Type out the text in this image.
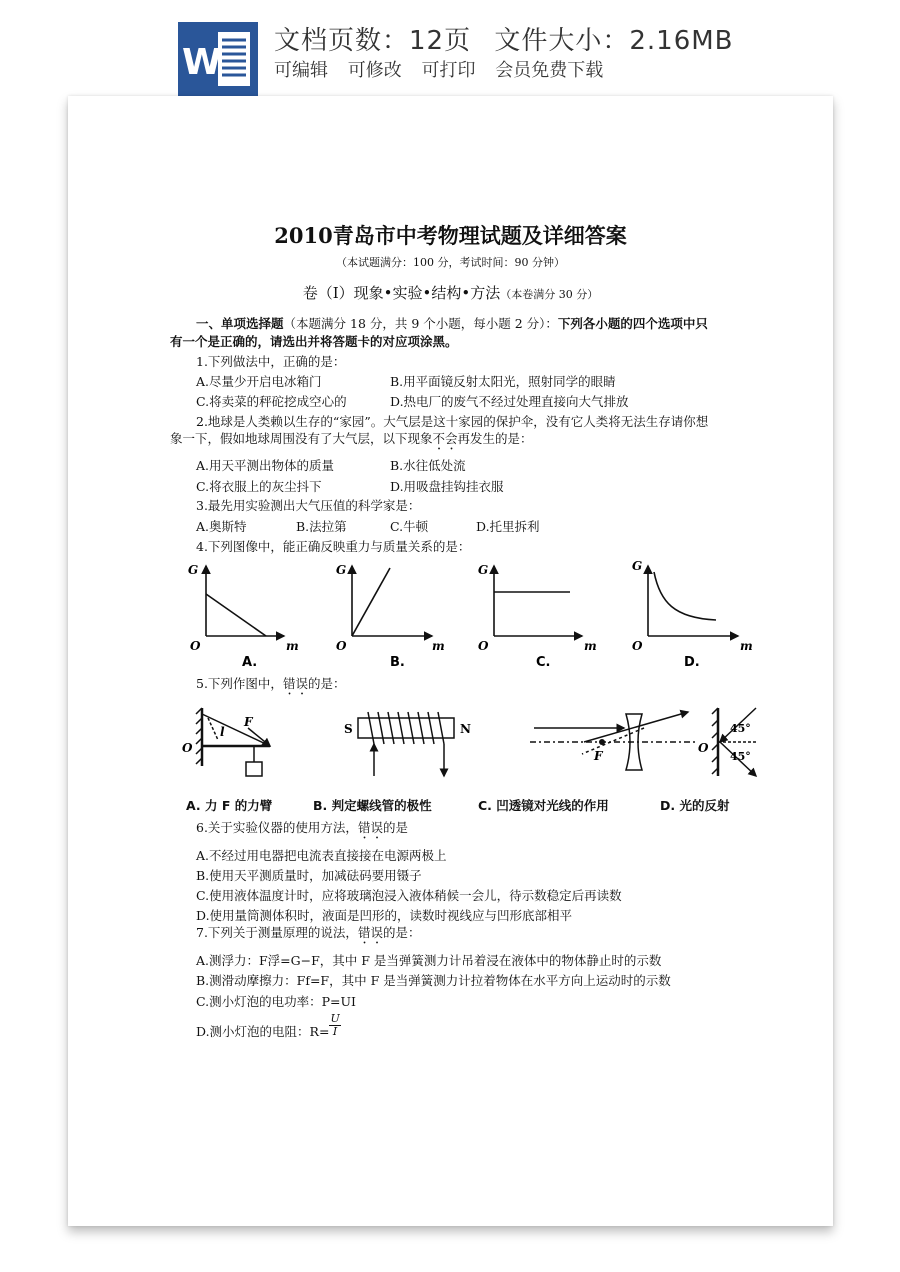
W
文档页数：12页 文件大小：2.16MB
可编辑 可修改 可打印 会员免费下载
2010青岛市中考物理试题及详细答案
（本试题满分：100 分，考试时间：90 分钟）
卷（Ⅰ）现象•实验•结构•方法（本卷满分 30 分）
一、单项选择题（本题满分 18 分，共 9 个小题，每小题 2 分）：下列各小题的四个选项中只
有一个是正确的，请选出并将答题卡的对应项涂黑。
1.下列做法中，正确的是：
A.尽量少开启电冰箱门	B.用平面镜反射太阳光，照射同学的眼睛
C.将卖菜的秤砣挖成空心的	D.热电厂的废气不经过处理直接向大气排放
2.地球是人类赖以生存的“家园”。大气层是这十家园的保护伞，没有它人类将无法生存请你想
象一下，假如地球周围没有了大气层，以下现象不会再发生的是：
A.用天平测出物体的质量	B.水往低处流
C.将衣服上的灰尘抖下	D.用吸盘挂钩挂衣服
3.最先用实验测出大气压值的科学家是：
A.奥斯特	B.法拉第	C.牛顿	D.托里拆利
4.下列图像中，能正确反映重力与质量关系的是：
G
O	m
A.
G
O	m
B.
G
O	m
C.
G
O	m
D.
5.下列作图中，错误的是：
F
O
l	S	N
F
O
45°
45°
A. 力 F 的力臂	B. 判定螺线管的极性	C. 凹透镜对光线的作用	D. 光的反射
6.关于实验仪器的使用方法，错误的是
A.不经过用电器把电流表直接接在电源两极上
B.使用天平测质量时，加减砝码要用镊子
C.使用液体温度计时，应将玻璃泡浸入液体稍候一会儿，待示数稳定后再读数
D.使用量筒测体积时，液面是凹形的，读数时视线应与凹形底部相平
7.下列关于测量原理的说法，错误的是：
A.测浮力：F浮=G−F，其中 F 是当弹簧测力计吊着浸在液体中的物体静止时的示数
B.测滑动摩擦力：Ff=F，其中 F 是当弹簧测力计拉着物体在水平方向上运动时的示数
C.测小灯泡的电功率：P=UI
D.测小灯泡的电阻：$R= \frac{U}{I}$
